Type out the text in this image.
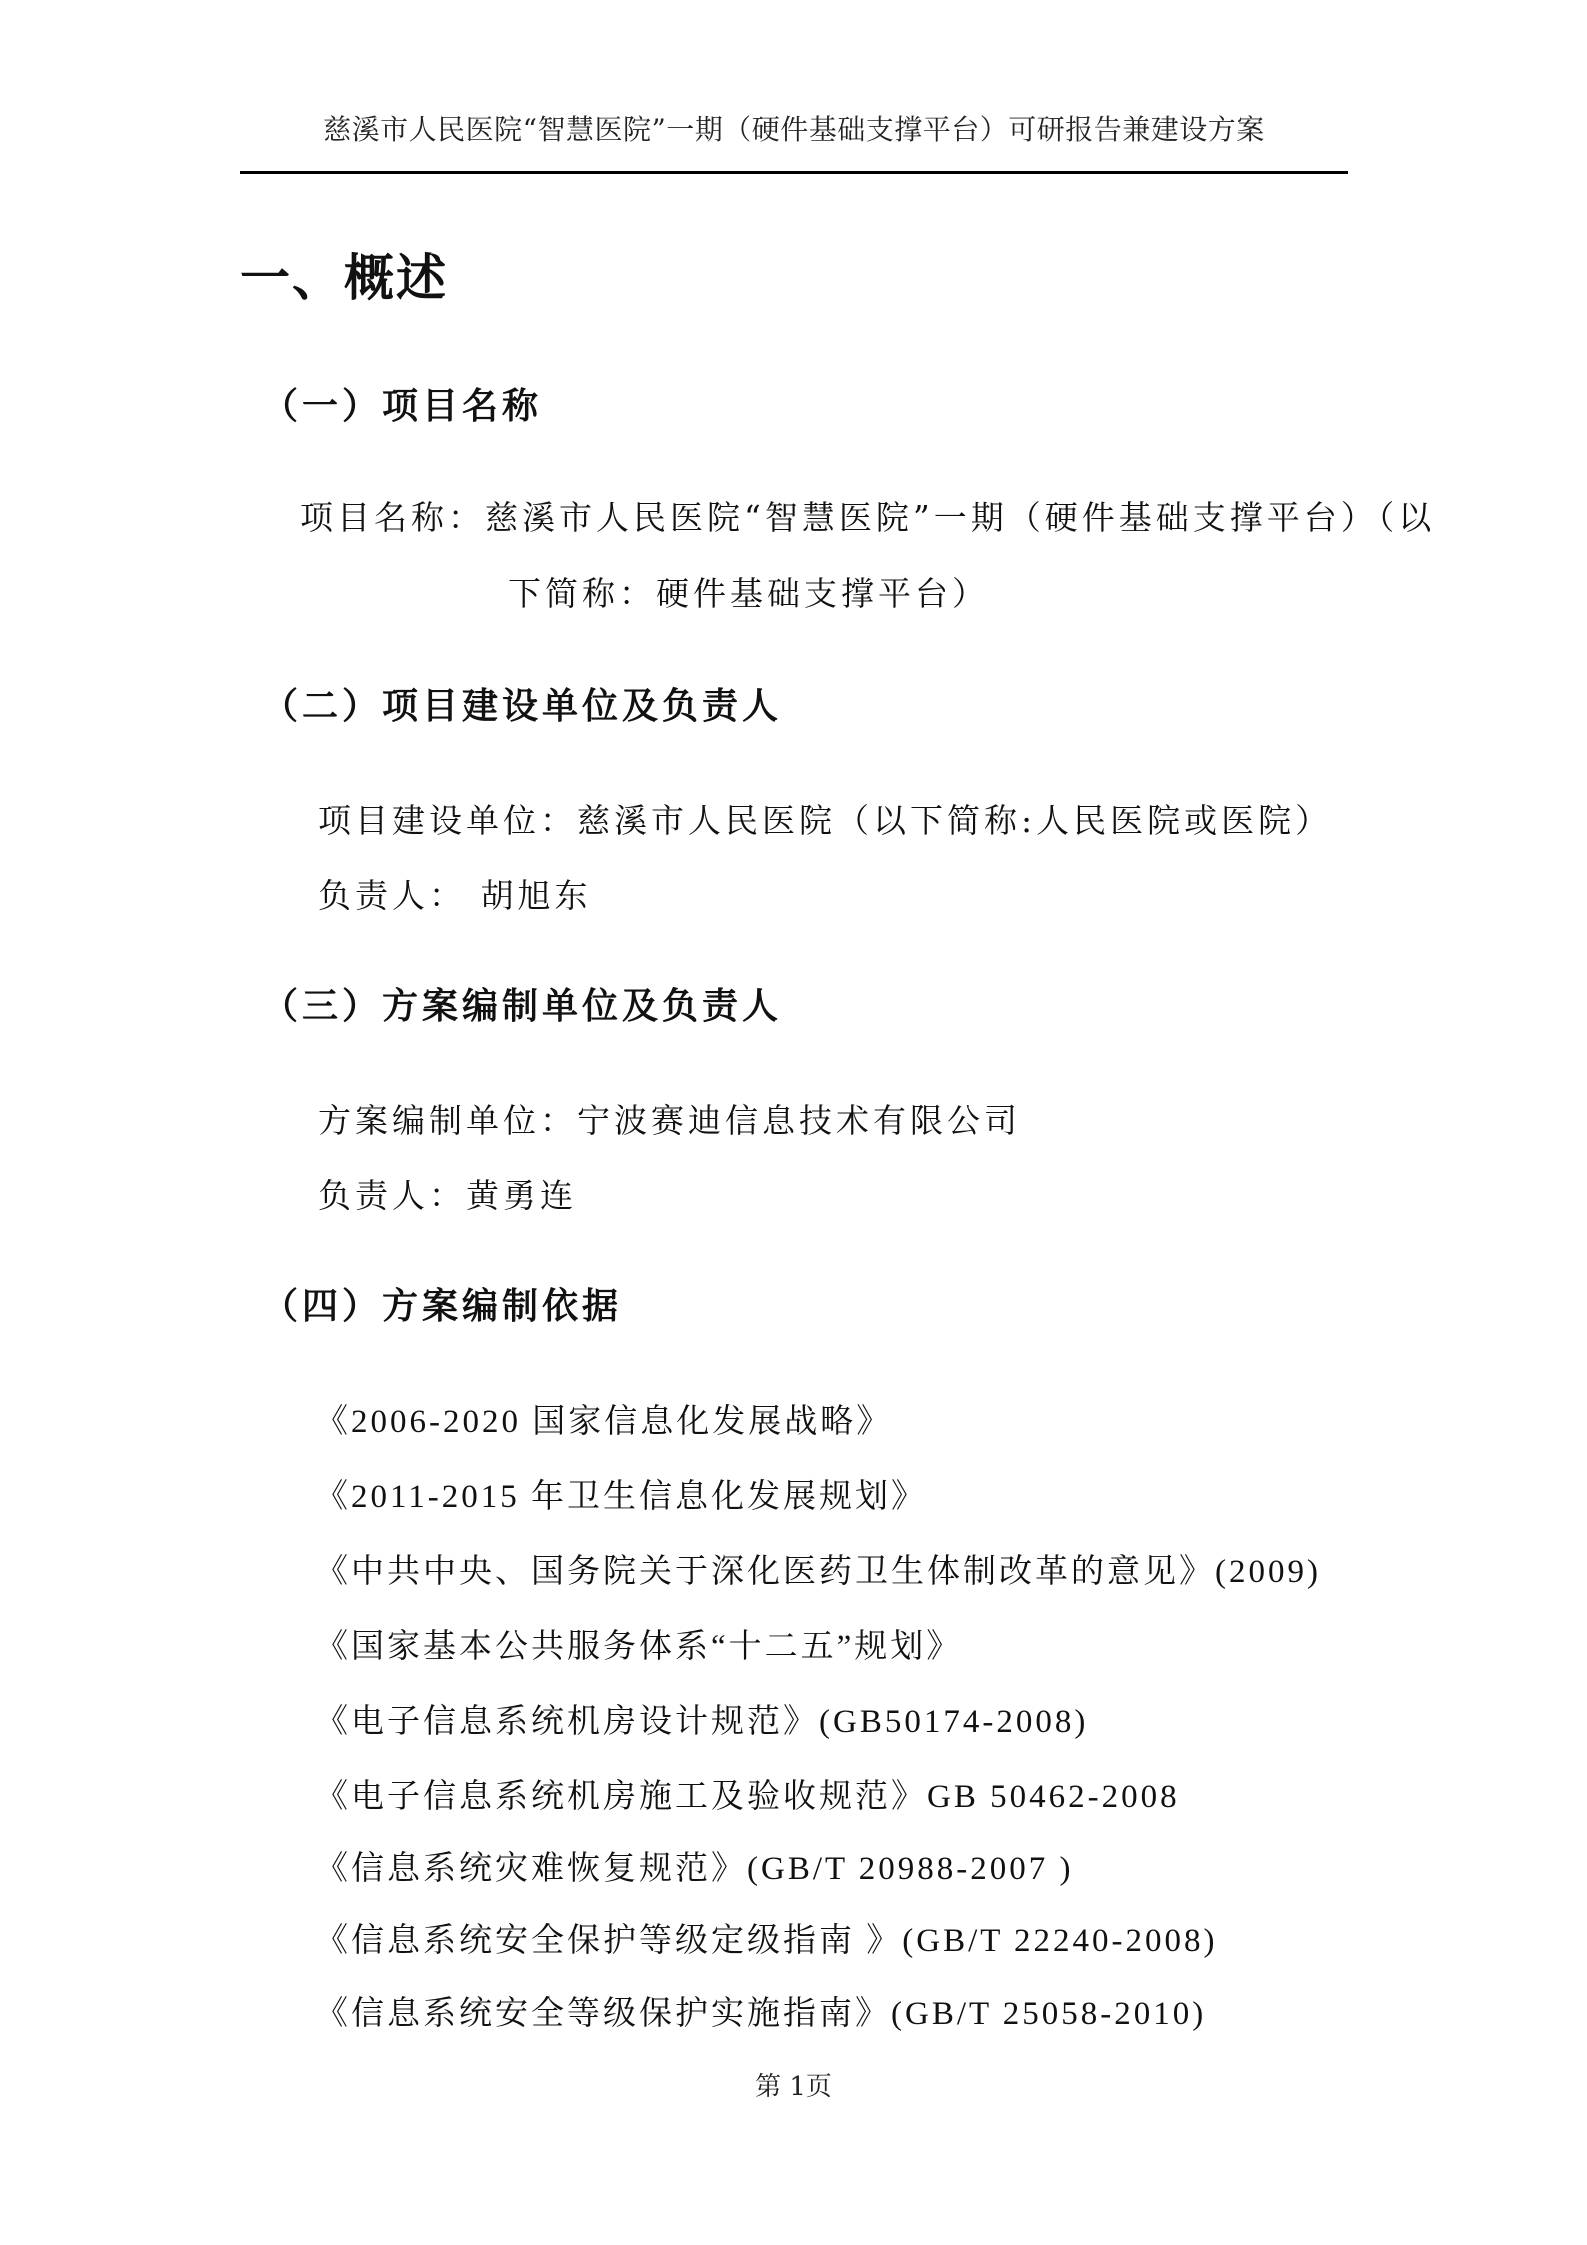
慈溪市人民医院“智慧医院”一期（硬件基础支撑平台）可研报告兼建设方案
一、概述
（一）项目名称
项目名称：慈溪市人民医院“智慧医院”一期（硬件基础支撑平台）（以
下简称：硬件基础支撑平台）
（二）项目建设单位及负责人
项目建设单位：慈溪市人民医院（以下简称:人民医院或医院）
负责人： 胡旭东
（三）方案编制单位及负责人
方案编制单位：宁波赛迪信息技术有限公司
负责人：黄勇连
（四）方案编制依据
《2006-2020 国家信息化发展战略》
《2011-2015 年卫生信息化发展规划》
《中共中央、国务院关于深化医药卫生体制改革的意见》(2009)
《国家基本公共服务体系“十二五”规划》
《电子信息系统机房设计规范》(GB50174-2008)
《电子信息系统机房施工及验收规范》GB 50462-2008
《信息系统灾难恢复规范》(GB/T 20988-2007 )
《信息系统安全保护等级定级指南 》(GB/T 22240-2008)
《信息系统安全等级保护实施指南》(GB/T 25058-2010)
第 1页
